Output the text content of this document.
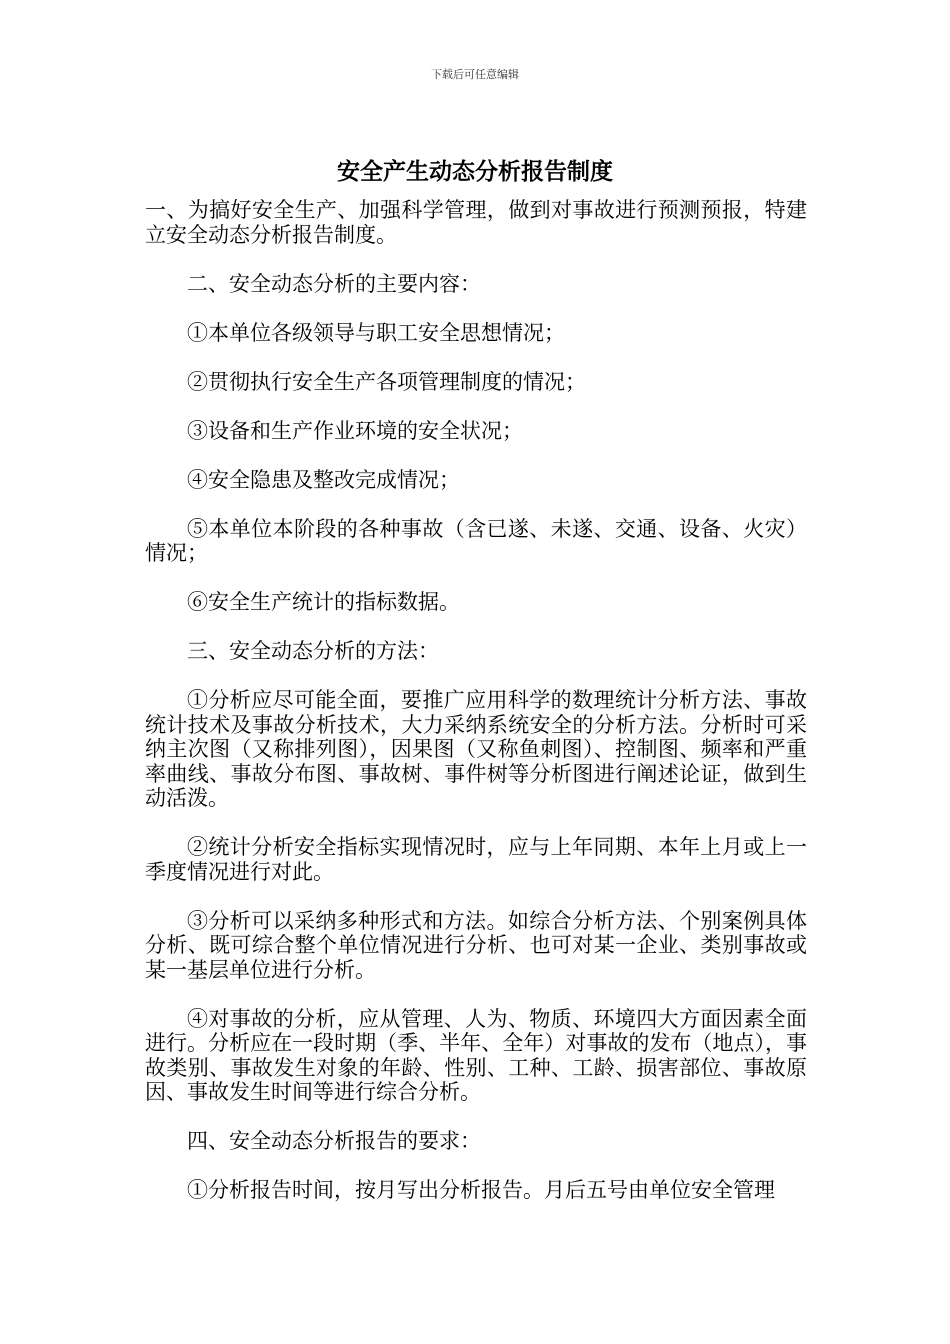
下载后可任意编辑
安全产生动态分析报告制度

一、为搞好安全生产、加强科学管理，做到对事故进行预测预报，特建立安全动态分析报告制度。

二、安全动态分析的主要内容：

①本单位各级领导与职工安全思想情况；

②贯彻执行安全生产各项管理制度的情况；

③设备和生产作业环境的安全状况；

④安全隐患及整改完成情况；

⑤本单位本阶段的各种事故（含已遂、未遂、交通、设备、火灾）情况；

⑥安全生产统计的指标数据。

三、安全动态分析的方法：

①分析应尽可能全面，要推广应用科学的数理统计分析方法、事故统计技术及事故分析技术，大力采纳系统安全的分析方法。分析时可采纳主次图（又称排列图），因果图（又称鱼刺图）、控制图、频率和严重率曲线、事故分布图、事故树、事件树等分析图进行阐述论证，做到生动活泼。

②统计分析安全指标实现情况时，应与上年同期、本年上月或上一季度情况进行对此。

③分析可以采纳多种形式和方法。如综合分析方法、个别案例具体分析、既可综合整个单位情况进行分析、也可对某一企业、类别事故或某一基层单位进行分析。

④对事故的分析，应从管理、人为、物质、环境四大方面因素全面进行。分析应在一段时期（季、半年、全年）对事故的发布（地点），事故类别、事故发生对象的年龄、性别、工种、工龄、损害部位、事故原因、事故发生时间等进行综合分析。

四、安全动态分析报告的要求：

①分析报告时间，按月写出分析报告。月后五号由单位安全管理
